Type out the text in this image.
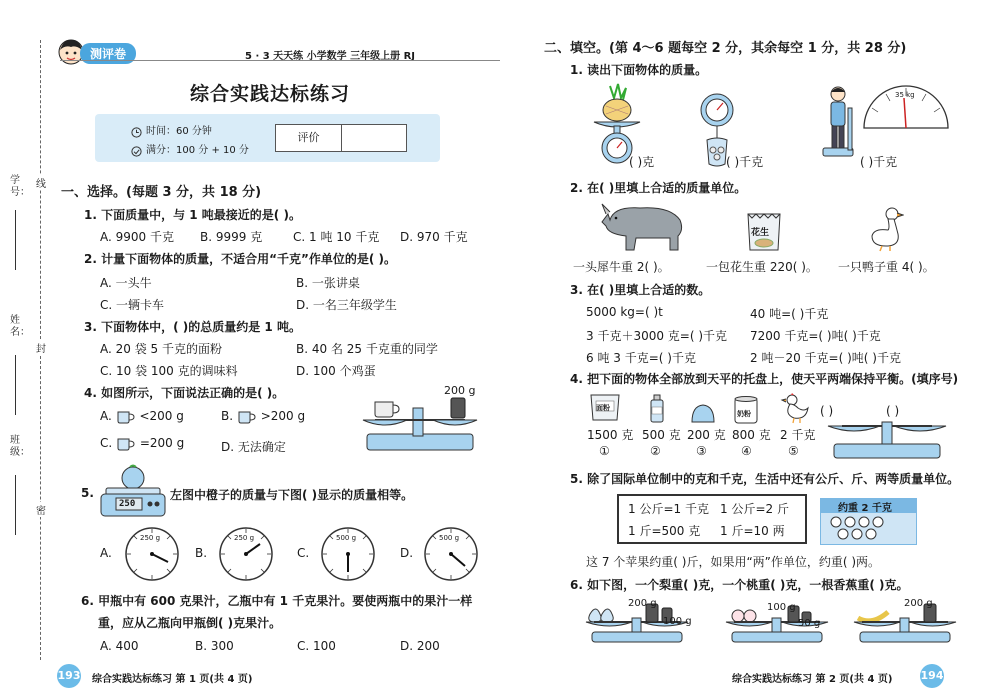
学号：
线
姓名：
封
班级：
密
测评卷	5 · 3 天天练 小学数学 三年级上册 RJ
综合实践达标练习
时间：60 分钟
满分：100 分 + 10 分
评价
一、选择。(每题 3 分，共 18 分)
1. 下面质量中，与 1 吨最接近的是( )。
A. 9900 千克 B. 9999 克	C. 1 吨 10 千克 D. 970 千克
2. 计量下面物体的质量，不适合用“千克”作单位的是( )。
A. 一头牛	B. 一张讲桌
C. 一辆卡车	D. 一名三年级学生
3. 下面物体中，( )的总质量约是 1 吨。
A. 20 袋 5 千克的面粉	B. 40 名 25 千克重的同学
C. 10 袋 100 克的调味料	D. 100 个鸡蛋
4. 如图所示，下面说法正确的是( )。
A. <200 g	B. >200 g
C. =200 g	D. 无法确定
200 g
5.
250
左图中橙子的质量与下图( )显示的质量相等。
A.	B.	C.	D.
250 g	250 g	500 g	500 g
6. 甲瓶中有 600 克果汁，乙瓶中有 1 千克果汁。要使两瓶中的果汁一样
重，应从乙瓶向甲瓶倒( )克果汁。
A. 400	B. 300	C. 100	D. 200
193 综合实践达标练习 第 1 页(共 4 页)
二、填空。(第 4～6 题每空 2 分，其余每空 1 分，共 28 分)
1. 读出下面物体的质量。
( )克	( )千克
35 kg
( )千克
2. 在( )里填上合适的质量单位。
花生
一头犀牛重 2( )。	一包花生重 220( )。 一只鸭子重 4( )。
3. 在( )里填上合适的数。
5000 kg=( )t	40 吨=( )千克
3 千克＋3000 克=( )千克 7200 千克=( )吨( )千克
6 吨 3 千克=( )千克	2 吨－20 千克=( )吨( )千克
4. 把下面的物体全部放到天平的托盘上，使天平两端保持平衡。(填序号)
面粉
奶粉
1500 克 500 克 200 克 800 克 2 千克
①	②	③	④	⑤
( )	( )
5. 除了国际单位制中的克和千克，生活中还有公斤、斤、两等质量单位。
1 公斤=1 千克 1 公斤=2 斤
1 斤=500 克 1 斤=10 两
约重 2 千克
这 7 个苹果约重( )斤，如果用“两”作单位，约重( )两。
6. 如下图，一个梨重( )克，一个桃重( )克，一根香蕉重( )克。
200 g
100 g
100 g
50 g
200 g
综合实践达标练习 第 2 页(共 4 页)	194
